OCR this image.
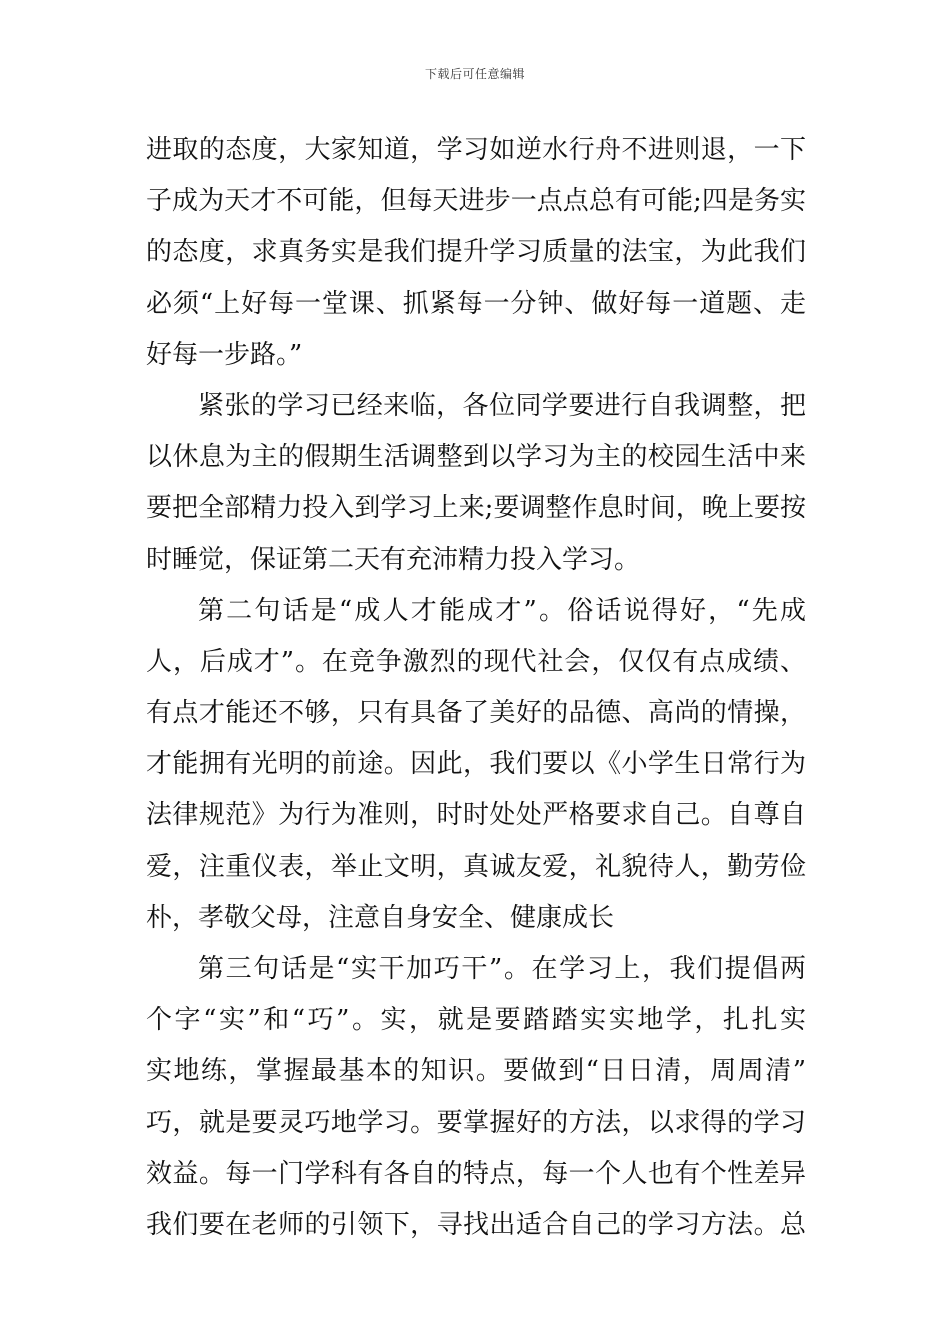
下载后可任意编辑
进取的态度，大家知道，学习如逆水行舟不进则退，一下
子成为天才不可能，但每天进步一点点总有可能;四是务实
的态度，求真务实是我们提升学习质量的法宝，为此我们
必须“上好每一堂课、抓紧每一分钟、做好每一道题、走
好每一步路。”
紧张的学习已经来临，各位同学要进行自我调整，把
以休息为主的假期生活调整到以学习为主的校园生活中来
要把全部精力投入到学习上来;要调整作息时间，晚上要按
时睡觉，保证第二天有充沛精力投入学习。
第二句话是“成人才能成才”。俗话说得好，“先成
人，后成才”。在竞争激烈的现代社会，仅仅有点成绩、
有点才能还不够，只有具备了美好的品德、高尚的情操，
才能拥有光明的前途。因此，我们要以《小学生日常行为
法律规范》为行为准则，时时处处严格要求自己。自尊自
爱，注重仪表，举止文明，真诚友爱，礼貌待人，勤劳俭
朴，孝敬父母，注意自身安全、健康成长
第三句话是“实干加巧干”。在学习上，我们提倡两
个字“实”和“巧”。实，就是要踏踏实实地学，扎扎实
实地练，掌握最基本的知识。要做到“日日清，周周清”
巧，就是要灵巧地学习。要掌握好的方法，以求得的学习
效益。每一门学科有各自的特点，每一个人也有个性差异
我们要在老师的引领下，寻找出适合自己的学习方法。总
